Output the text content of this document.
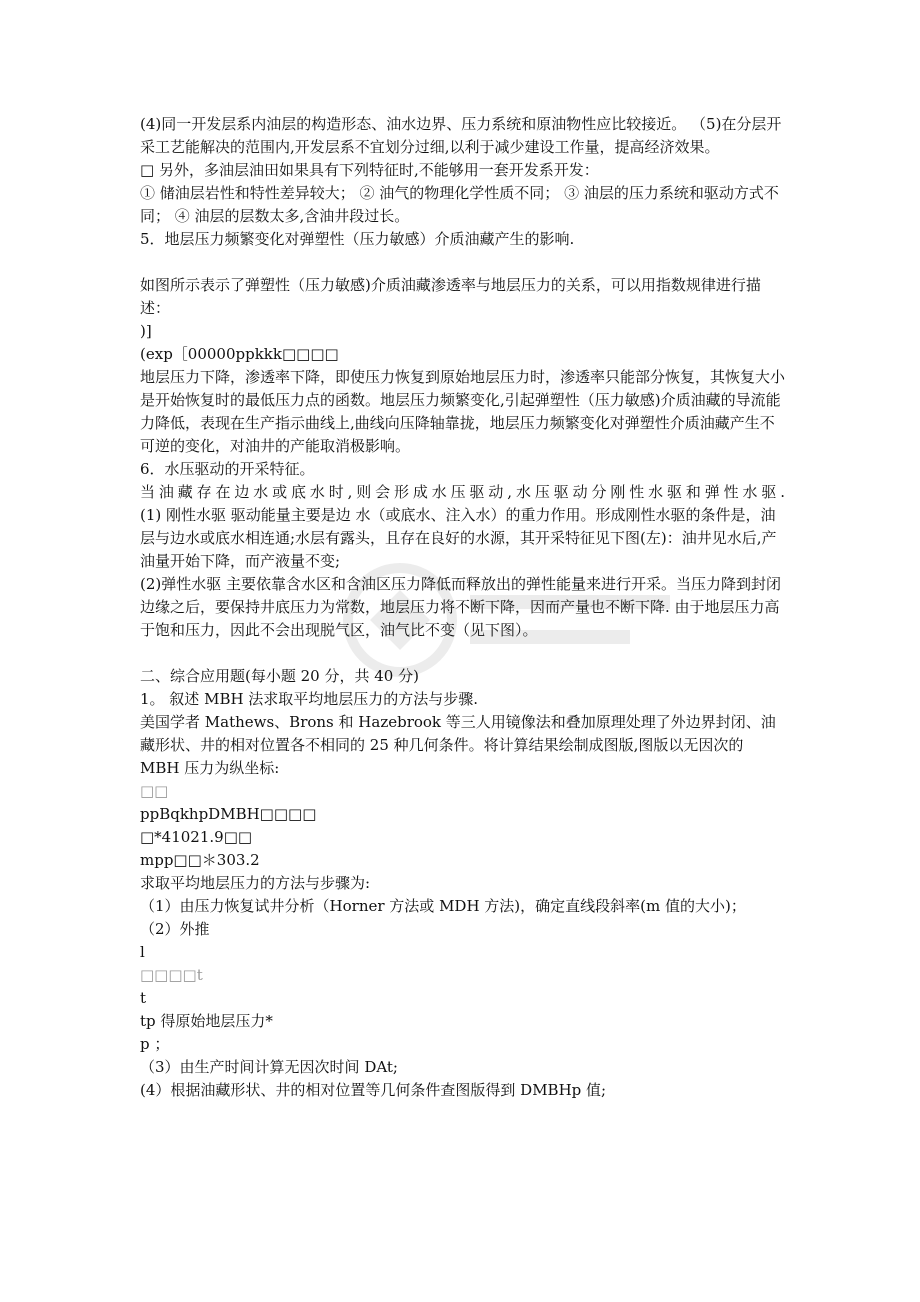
(4)同一开发层系内油层的构造形态、油水边界、压力系统和原油物性应比较接近。 （5)在分层开采工艺能解决的范围内,开发层系不宜划分过细,以利于减少建设工作量，提高经济效果。

□ 另外，多油层油田如果具有下列特征时,不能够用一套开发系开发：

① 储油层岩性和特性差异较大； ② 油气的物理化学性质不同； ③ 油层的压力系统和驱动方式不同； ④ 油层的层数太多,含油井段过长。

5．地层压力频繁变化对弹塑性（压力敏感）介质油藏产生的影响.

如图所示表示了弹塑性（压力敏感)介质油藏渗透率与地层压力的关系，可以用指数规律进行描述：

)]

(exp［00000ppkkk□□□□

地层压力下降，渗透率下降，即使压力恢复到原始地层压力时，渗透率只能部分恢复，其恢复大小是开始恢复时的最低压力点的函数。地层压力频繁变化,引起弹塑性（压力敏感)介质油藏的导流能力降低，表现在生产指示曲线上,曲线向压降轴靠拢，地层压力频繁变化对弹塑性介质油藏产生不可逆的变化，对油井的产能取消极影响。

6．水压驱动的开采特征。

当油藏存在边水或底水时,则会形成水压驱动,水压驱动分刚性水驱和弹性水驱.

(1) 刚性水驱 驱动能量主要是边 水（或底水、注入水）的重力作用。形成刚性水驱的条件是，油层与边水或底水相连通;水层有露头，且存在良好的水源，其开采特征见下图(左)：油井见水后,产油量开始下降，而产液量不变;

(2)弹性水驱 主要依靠含水区和含油区压力降低而释放出的弹性能量来进行开采。当压力降到封闭边缘之后，要保持井底压力为常数，地层压力将不断下降，因而产量也不断下降. 由于地层压力高于饱和压力，因此不会出现脱气区，油气比不变（见下图）。

二、综合应用题(每小题 20 分，共 40 分)

1。 叙述 MBH 法求取平均地层压力的方法与步骤.

美国学者 Mathews、Brons 和 Hazebrook 等三人用镜像法和叠加原理处理了外边界封闭、油藏形状、井的相对位置各不相同的 25 种几何条件。将计算结果绘制成图版,图版以无因次的 MBH 压力为纵坐标:

□□

ppBqkhpDMBH□□□□

□*41021.9□□

mpp□□＊303.2

求取平均地层压力的方法与步骤为:

（1）由压力恢复试井分析（Horner 方法或 MDH 方法)，确定直线段斜率(m 值的大小)；

（2）外推

l

□□□□t

t

tp 得原始地层压力*

p ；

（3）由生产时间计算无因次时间 DAt;

(4）根据油藏形状、井的相对位置等几何条件查图版得到 DMBHp 值;
